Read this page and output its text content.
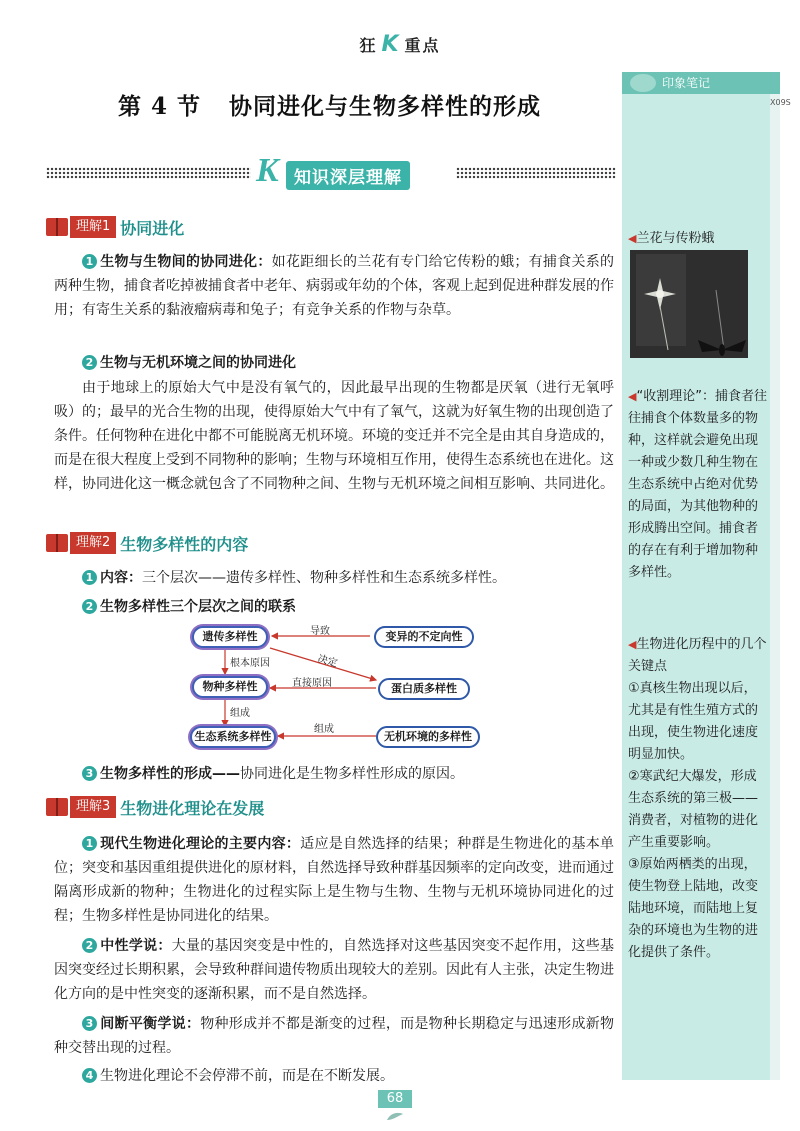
狂 K 重点
第 4 节 协同进化与生物多样性的形成
K 知识深层理解
理解1 协同进化
1 生物与生物间的协同进化：如花距细长的兰花有专门给它传粉的蛾；有捕食关系的两种生物，捕食者吃掉被捕食者中老年、病弱或年幼的个体，客观上起到促进种群发展的作用；有寄生关系的黏液瘤病毒和兔子；有竞争关系的作物与杂草。
2 生物与无机环境之间的协同进化
由于地球上的原始大气中是没有氧气的，因此最早出现的生物都是厌氧（进行无氧呼吸）的；最早的光合生物的出现，使得原始大气中有了氧气，这就为好氧生物的出现创造了条件。任何物种在进化中都不可能脱离无机环境。环境的变迁并不完全是由其自身造成的，而是在很大程度上受到不同物种的影响；生物与环境相互作用，使得生态系统也在进化。这样，协同进化这一概念就包含了不同物种之间、生物与无机环境之间相互影响、共同进化。
理解2 生物多样性的内容
1 内容：三个层次——遗传多样性、物种多样性和生态系统多样性。
2 生物多样性三个层次之间的联系
遗传多样性	变异的不定向性
物种多样性	蛋白质多样性
生态系统多样性	无机环境的多样性
导致
根本原因	决定
直接原因
组成
组成
3 生物多样性的形成——协同进化是生物多样性形成的原因。
理解3 生物进化理论在发展
1 现代生物进化理论的主要内容：适应是自然选择的结果；种群是生物进化的基本单位；突变和基因重组提供进化的原材料，自然选择导致种群基因频率的定向改变，进而通过隔离形成新的物种；生物进化的过程实际上是生物与生物、生物与无机环境协同进化的过程；生物多样性是协同进化的结果。
2 中性学说：大量的基因突变是中性的，自然选择对这些基因突变不起作用，这些基因突变经过长期积累，会导致种群间遗传物质出现较大的差别。因此有人主张，决定生物进化方向的是中性突变的逐渐积累，而不是自然选择。
3 间断平衡学说：物种形成并不都是渐变的过程，而是物种长期稳定与迅速形成新物种交替出现的过程。
4 生物进化理论不会停滞不前，而是在不断发展。
印象笔记
X09S
◀兰花与传粉蛾
◀“收割理论”：捕食者往往捕食个体数量多的物种，这样就会避免出现一种或少数几种生物在生态系统中占绝对优势的局面，为其他物种的形成腾出空间。捕食者的存在有利于增加物种多样性。
◀生物进化历程中的几个关键点
①真核生物出现以后，尤其是有性生殖方式的出现，使生物进化速度明显加快。
②寒武纪大爆发，形成生态系统的第三极——消费者，对植物的进化产生重要影响。
③原始两栖类的出现，使生物登上陆地，改变陆地环境，而陆地上复杂的环境也为生物的进化提供了条件。
68
